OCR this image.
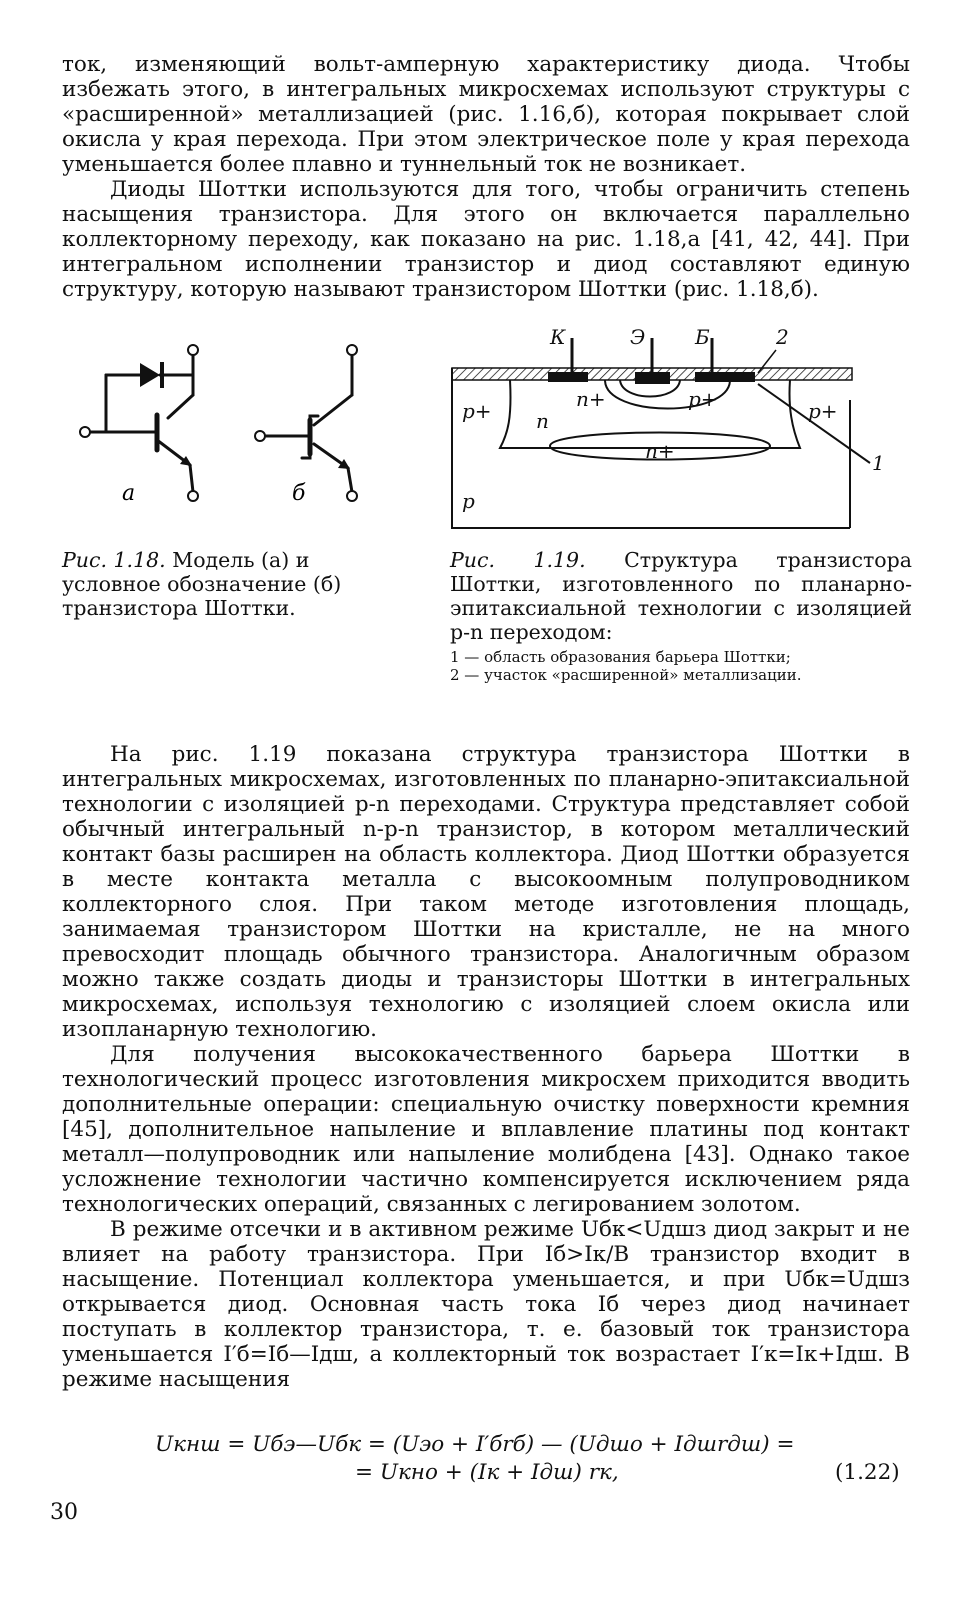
ток, изменяющий вольт-амперную характеристику диода. Чтобы избежать этого, в интегральных микросхемах используют структуры с «расширенной» металлизацией (рис. 1.16,б), которая покрывает слой окисла у края перехода. При этом электрическое поле у края перехода уменьшается более плавно и туннельный ток не возникает.

Диоды Шоттки используются для того, чтобы ограничить степень насыщения транзистора. Для этого он включается параллельно коллекторному переходу, как показано на рис. 1.18,а [41, 42, 44]. При интегральном исполнении транзистор и диод составляют единую структуру, которую называют транзистором Шоттки (рис. 1.18,б).

а	б
Рис. 1.18. Модель (а) и условное обозначение (б) транзистора Шоттки.
К	Э Б	2
1
p+	p+
n
n+	p+
n+
p
Рис. 1.19. Структура транзистора Шоттки, изготовленного по планарно-эпитаксиальной технологии с изоляцией p-n переходом:
1 — область образования барьера Шоттки;
2 — участок «расширенной» металлизации.

На рис. 1.19 показана структура транзистора Шоттки в интегральных микросхемах, изготовленных по планарно-эпитаксиальной технологии с изоляцией p-n переходами. Структура представляет собой обычный интегральный n-p-n транзистор, в котором металлический контакт базы расширен на область коллектора. Диод Шоттки образуется в месте контакта металла с высокоомным полупроводником коллекторного слоя. При таком методе изготовления площадь, занимаемая транзистором Шоттки на кристалле, не на много превосходит площадь обычного транзистора. Аналогичным образом можно также создать диоды и транзисторы Шоттки в интегральных микросхемах, используя технологию с изоляцией слоем окисла или изопланарную технологию.

Для получения высококачественного барьера Шоттки в технологический процесс изготовления микросхем приходится вводить дополнительные операции: специальную очистку поверхности кремния [45], дополнительное напыление и вплавление платины под контакт металл—полупроводник или напыление молибдена [43]. Однако такое усложнение технологии частично компенсируется исключением ряда технологических операций, связанных с легированием золотом.

В режиме отсечки и в активном режиме Uбк<Uдшз диод закрыт и не влияет на работу транзистора. При Iб>Iк/B транзистор входит в насыщение. Потенциал коллектора уменьшается, и при Uбк=Uдшз открывается диод. Основная часть тока Iб через диод начинает поступать в коллектор транзистора, т. е. базовый ток транзистора уменьшается I′б=Iб—Iдш, а коллекторный ток возрастает I′к=Iк+Iдш. В режиме насыщения

Uкнш = Uбэ—Uбк = (Uэо + I′бrб) — (Uдшо + Iдшrдш) =
= Uкно + (Iк + Iдш) rк,	(1.22)
30
